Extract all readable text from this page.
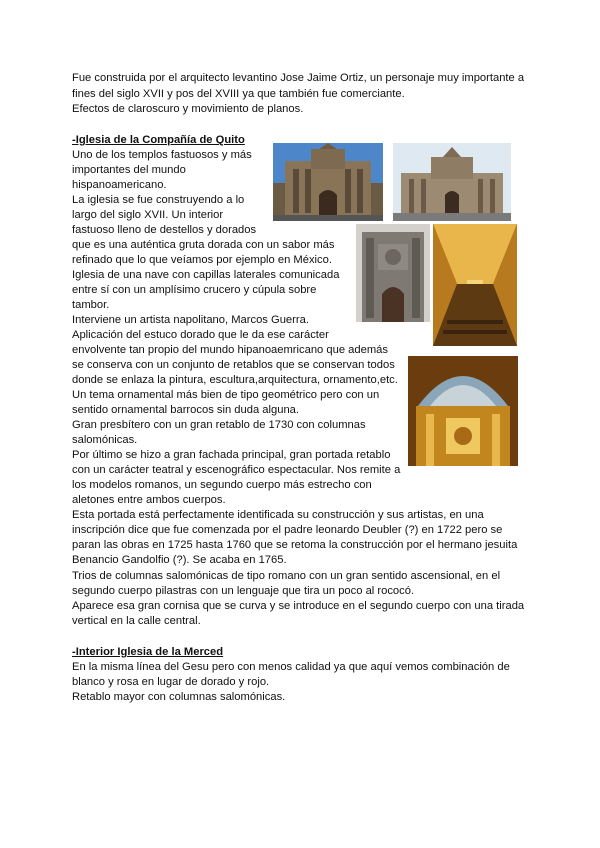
Fue construida por el arquitecto levantino Jose Jaime Ortiz, un personaje muy importante a
fines del siglo XVII y pos del XVIII ya que también fue comerciante.
Efectos de claroscuro y movimiento de planos.
-Iglesia de la Compañía de Quito
Uno de los templos fastuosos y más
importantes del mundo
hispanoamericano.
La iglesia se fue construyendo a lo
largo del siglo XVII. Un interior
fastuoso lleno de destellos y dorados
que es una auténtica gruta dorada con un sabor más
refinado que lo que veíamos por ejemplo en México.
Iglesia de una nave con capillas laterales comunicada
entre sí con un amplísimo crucero y cúpula sobre
tambor.
Interviene un artista napolitano, Marcos Guerra.
Aplicación del estuco dorado que le da ese carácter
envolvente tan propio del mundo hipanoaemricano que además
se conserva con un conjunto de retablos que se conservan todos
donde se enlaza la pintura, escultura,arquitectura, ornamento,etc.
Un tema ornamental más bien de tipo geométrico pero con un
sentido ornamental barrocos sin duda alguna.
Gran presbítero con un gran retablo de 1730 con columnas
salomónicas.
Por último se hizo a gran fachada principal, gran portada retablo
con un carácter teatral y escenográfico espectacular. Nos remite a
los modelos romanos, un segundo cuerpo más estrecho con
aletones entre ambos cuerpos.
Esta portada está perfectamente identificada su construcción y sus artistas, en una
inscripción dice que fue comenzada por el padre leonardo Deubler (?) en 1722 pero se
paran las obras en 1725 hasta 1760 que se retoma la construcción por el hermano jesuita
Benancio Gandolfio (?). Se acaba en 1765.
Trios de columnas salomónicas de tipo romano con un gran sentido ascensional, en el
segundo cuerpo pilastras con un lenguaje que tira un poco al rococó.
Aparece esa gran cornisa que se curva y se introduce en el segundo cuerpo con una tirada
vertical en la calle central.
-Interior Iglesia de la Merced
En la misma línea del Gesu pero con menos calidad ya que aquí vemos combinación de
blanco y rosa en lugar de dorado y rojo.
Retablo mayor con columnas salomónicas.
